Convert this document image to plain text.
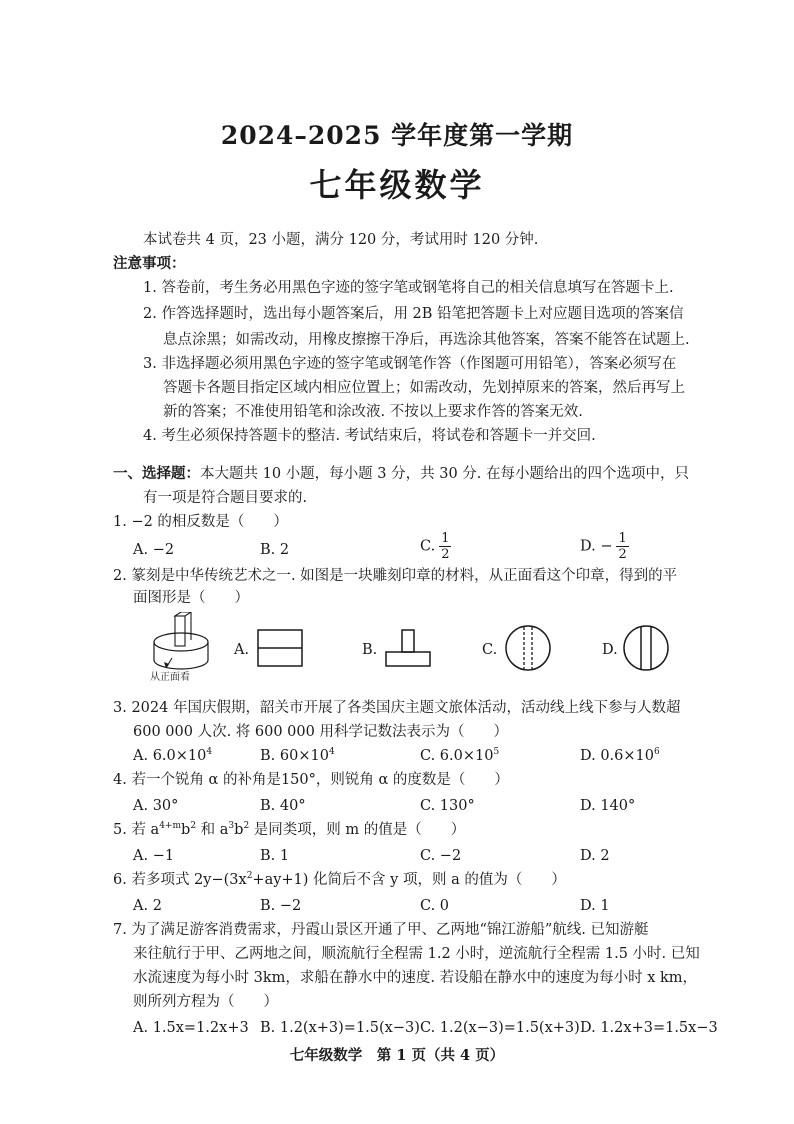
2024–2025 学年度第一学期
七年级数学
本试卷共 4 页，23 小题，满分 120 分，考试用时 120 分钟.
注意事项：
1. 答卷前，考生务必用黑色字迹的签字笔或钢笔将自己的相关信息填写在答题卡上.
2. 作答选择题时，选出每小题答案后，用 2B 铅笔把答题卡上对应题目选项的答案信
息点涂黑；如需改动，用橡皮擦擦干净后，再选涂其他答案，答案不能答在试题上.
3. 非选择题必须用黑色字迹的签字笔或钢笔作答（作图题可用铅笔），答案必须写在
答题卡各题目指定区域内相应位置上；如需改动，先划掉原来的答案，然后再写上
新的答案；不准使用铅笔和涂改液. 不按以上要求作答的答案无效.
4. 考生必须保持答题卡的整洁. 考试结束后，将试卷和答题卡一并交回.
一、选择题：本大题共 10 小题，每小题 3 分，共 30 分. 在每小题给出的四个选项中，只
有一项是符合题目要求的.
1. −2 的相反数是（　　）
A. −2	B. 2	C. $\frac{1}{2}$	D. − $\frac{1}{2}$
2. 篆刻是中华传统艺术之一. 如图是一块雕刻印章的材料，从正面看这个印章，得到的平
面图形是（　　）
从正面看
A.	B.	C.	D.
3. 2024 年国庆假期，韶关市开展了各类国庆主题文旅体活动，活动线上线下参与人数超
600 000 人次. 将 600 000 用科学记数法表示为（　　）
A. $6.0\times 10^4$	B. $60\times 10^4$	C. $6.0\times 10^5$	D. $0.6\times 10^6$
4. 若一个锐角 α 的补角是150°，则锐角 α 的度数是（　　）
A. 30°	B. 40°	C. 130°	D. 140°
5. 若 $a^{4+m}b^2$ 和 $a^3b^2$ 是同类项，则 m 的值是（　　）
A. −1	B. 1	C. −2	D. 2
6. 若多项式 $2y-(3x^2+ay+1)$ 化简后不含 y 项，则 a 的值为（　　）
A. 2	B. −2	C. 0	D. 1
7. 为了满足游客消费需求，丹霞山景区开通了甲、乙两地“锦江游船”航线. 已知游艇
来往航行于甲、乙两地之间，顺流航行全程需 1.2 小时，逆流航行全程需 1.5 小时. 已知
水流速度为每小时 3km，求船在静水中的速度. 若设船在静水中的速度为每小时 x km，
则所列方程为（　　）
A. 1.5x=1.2x+3 B. 1.2(x+3)=1.5(x−3) C. 1.2(x−3)=1.5(x+3) D. 1.2x+3=1.5x−3
七年级数学　第 1 页（共 4 页）
